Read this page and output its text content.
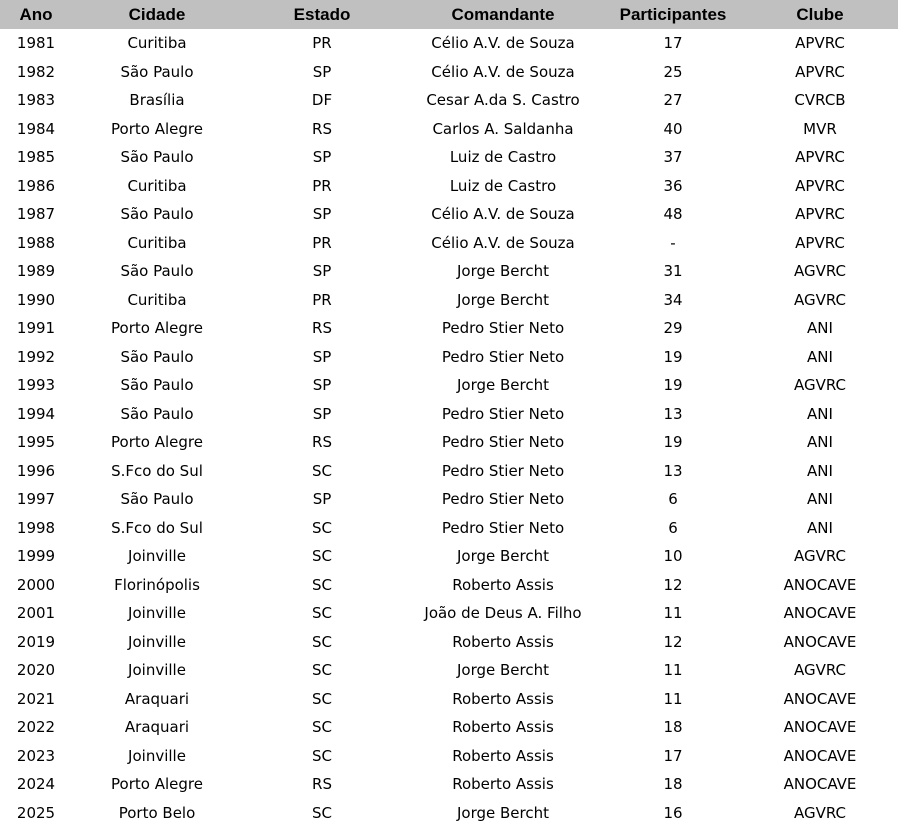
Ano	Cidade	Estado	Comandante	Participantes	Clube
1981	Curitiba	PR	Célio A.V. de Souza	17	APVRC
1982	São Paulo	SP	Célio A.V. de Souza	25	APVRC
1983	Brasília	DF	Cesar A.da S. Castro	27	CVRCB
1984	Porto Alegre	RS	Carlos A. Saldanha	40	MVR
1985	São Paulo	SP	Luiz de Castro	37	APVRC
1986	Curitiba	PR	Luiz de Castro	36	APVRC
1987	São Paulo	SP	Célio A.V. de Souza	48	APVRC
1988	Curitiba	PR	Célio A.V. de Souza	-	APVRC
1989	São Paulo	SP	Jorge Bercht	31	AGVRC
1990	Curitiba	PR	Jorge Bercht	34	AGVRC
1991	Porto Alegre	RS	Pedro Stier Neto	29	ANI
1992	São Paulo	SP	Pedro Stier Neto	19	ANI
1993	São Paulo	SP	Jorge Bercht	19	AGVRC
1994	São Paulo	SP	Pedro Stier Neto	13	ANI
1995	Porto Alegre	RS	Pedro Stier Neto	19	ANI
1996	S.Fco do Sul	SC	Pedro Stier Neto	13	ANI
1997	São Paulo	SP	Pedro Stier Neto	6	ANI
1998	S.Fco do Sul	SC	Pedro Stier Neto	6	ANI
1999	Joinville	SC	Jorge Bercht	10	AGVRC
2000	Florinópolis	SC	Roberto Assis	12	ANOCAVE
2001	Joinville	SC	João de Deus A. Filho	11	ANOCAVE
2019	Joinville	SC	Roberto Assis	12	ANOCAVE
2020	Joinville	SC	Jorge Bercht	11	AGVRC
2021	Araquari	SC	Roberto Assis	11	ANOCAVE
2022	Araquari	SC	Roberto Assis	18	ANOCAVE
2023	Joinville	SC	Roberto Assis	17	ANOCAVE
2024	Porto Alegre	RS	Roberto Assis	18	ANOCAVE
2025	Porto Belo	SC	Jorge Bercht	16	AGVRC
